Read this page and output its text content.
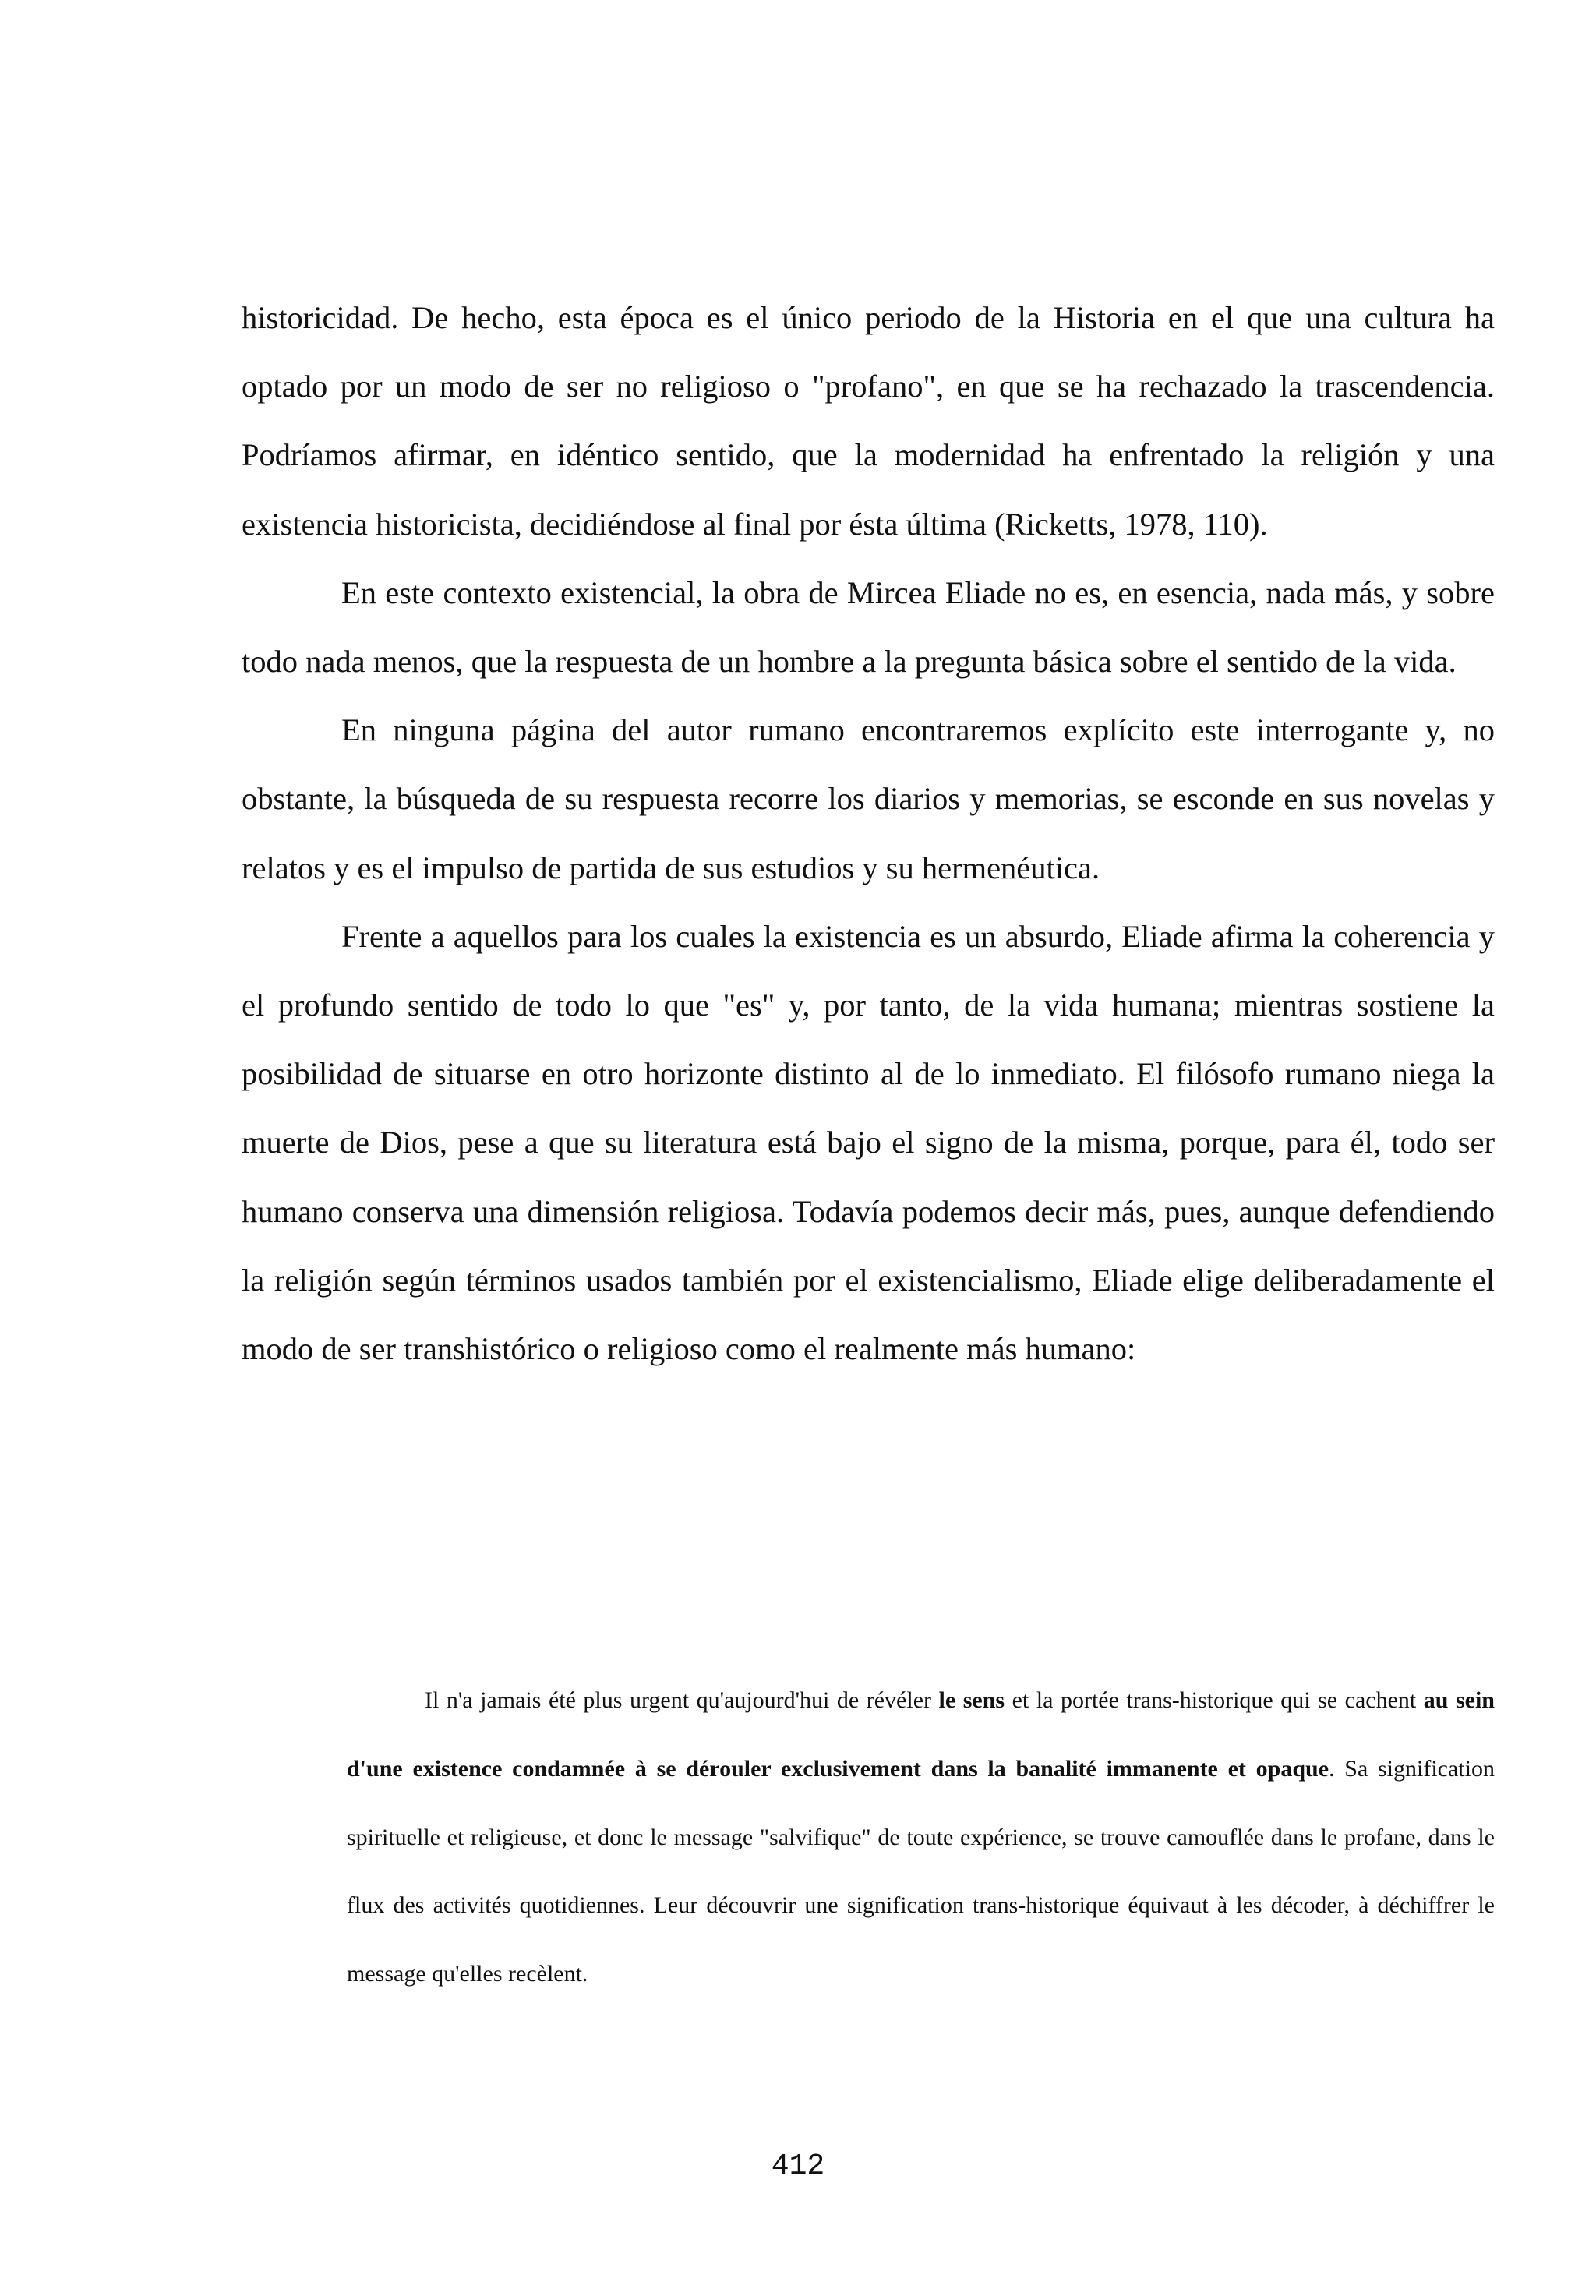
historicidad. De hecho, esta época es el único periodo de la Historia en el que una cultura ha optado por un modo de ser no religioso o "profano", en que se ha rechazado la trascendencia. Podríamos afirmar, en idéntico sentido, que la modernidad ha enfrentado la religión y una existencia historicista, decidiéndose al final por ésta última (Ricketts, 1978, 110).

En este contexto existencial, la obra de Mircea Eliade no es, en esencia, nada más, y sobre todo nada menos, que la respuesta de un hombre a la pregunta básica sobre el sentido de la vida.

En ninguna página del autor rumano encontraremos explícito este interrogante y, no obstante, la búsqueda de su respuesta recorre los diarios y memorias, se esconde en sus novelas y relatos y es el impulso de partida de sus estudios y su hermenéutica.

Frente a aquellos para los cuales la existencia es un absurdo, Eliade afirma la coherencia y el profundo sentido de todo lo que "es" y, por tanto, de la vida humana; mientras sostiene la posibilidad de situarse en otro horizonte distinto al de lo inmediato. El filósofo rumano niega la muerte de Dios, pese a que su literatura está bajo el signo de la misma, porque, para él, todo ser humano conserva una dimensión religiosa. Todavía podemos decir más, pues, aunque defendiendo la religión según términos usados también por el existencialismo, Eliade elige deliberadamente el modo de ser transhistórico o religioso como el realmente más humano:

Il n'a jamais été plus urgent qu'aujourd'hui de révéler le sens et la portée trans-historique qui se cachent au sein d'une existence condamnée à se dérouler exclusivement dans la banalité immanente et opaque. Sa signification spirituelle et religieuse, et donc le message "salvifique" de toute expérience, se trouve camouflée dans le profane, dans le flux des activités quotidiennes. Leur découvrir une signification trans-historique équivaut à les décoder, à déchiffrer le message qu'elles recèlent.

412
